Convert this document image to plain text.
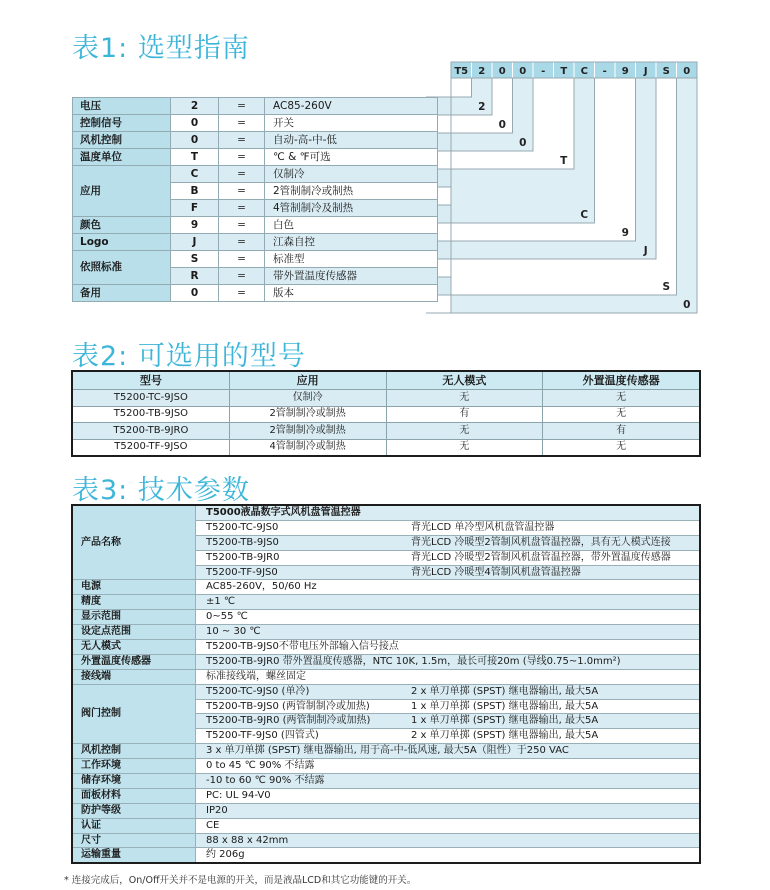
表1: 选型指南
T5 2 0 0 - T C - 9 J S 0
2
0
0
T
C
9
J
S
0
电压	2	=	AC85-260V
控制信号	0	=	开关
风机控制	0	=	自动-高-中-低
温度单位	T	=	℃ & ℉可选
应用	C	=	仅制冷
	B	=	2管制制冷或制热
	F	=	4管制制冷及制热
颜色	9	=	白色
Logo	J	=	江森自控
依照标准	S	=	标准型
	R	=	带外置温度传感器
备用	0	=	版本
表2: 可选用的型号
型号	应用	无人模式	外置温度传感器
T5200-TC-9JSO	仅制冷	无	无
T5200-TB-9JSO	2管制制冷或制热	有	无
T5200-TB-9JRO	2管制制冷或制热	无	有
T5200-TF-9JSO	4管制制冷或制热	无	无
表3: 技术参数
产品名称	T5000液晶数字式风机盘管温控器
	T5200-TC-9JS0 背光LCD 单冷型风机盘管温控器
	T5200-TB-9JS0 背光LCD 冷暖型2管制风机盘管温控器，具有无人模式连接
	T5200-TB-9JR0 背光LCD 冷暖型2管制风机盘管温控器，带外置温度传感器
	T5200-TF-9JS0 背光LCD 冷暖型4管制风机盘管温控器
电源	AC85-260V，50/60 Hz
精度	±1 ℃
显示范围	0~55 ℃
设定点范围	10 ~ 30 ℃
无人模式	T5200-TB-9JS0不带电压外部输入信号接点
外置温度传感器	T5200-TB-9JR0 带外置温度传感器，NTC 10K, 1.5m，最长可接20m (导线0.75~1.0mm²)
接线端	标准接线端，螺丝固定
阀门控制	T5200-TC-9JS0 (单冷) 2 x 单刀单掷 (SPST) 继电器输出, 最大5A
	T5200-TB-9JS0 (两管制制冷或加热) 1 x 单刀单掷 (SPST) 继电器输出, 最大5A
	T5200-TB-9JR0 (两管制制冷或加热) 1 x 单刀单掷 (SPST) 继电器输出, 最大5A
	T5200-TF-9JS0 (四管式) 2 x 单刀单掷 (SPST) 继电器输出, 最大5A
风机控制	3 x 单刀单掷 (SPST) 继电器输出, 用于高-中-低风速, 最大5A（阻性）于250 VAC
工作环境	0 to 45 ℃ 90% 不结露
储存环境	-10 to 60 ℃ 90% 不结露
面板材料	PC: UL 94-V0
防护等级	IP20
认证	CE
尺寸	88 x 88 x 42mm
运输重量	约 206g
* 连接完成后，On/Off开关并不是电源的开关，而是液晶LCD和其它功能键的开关。
